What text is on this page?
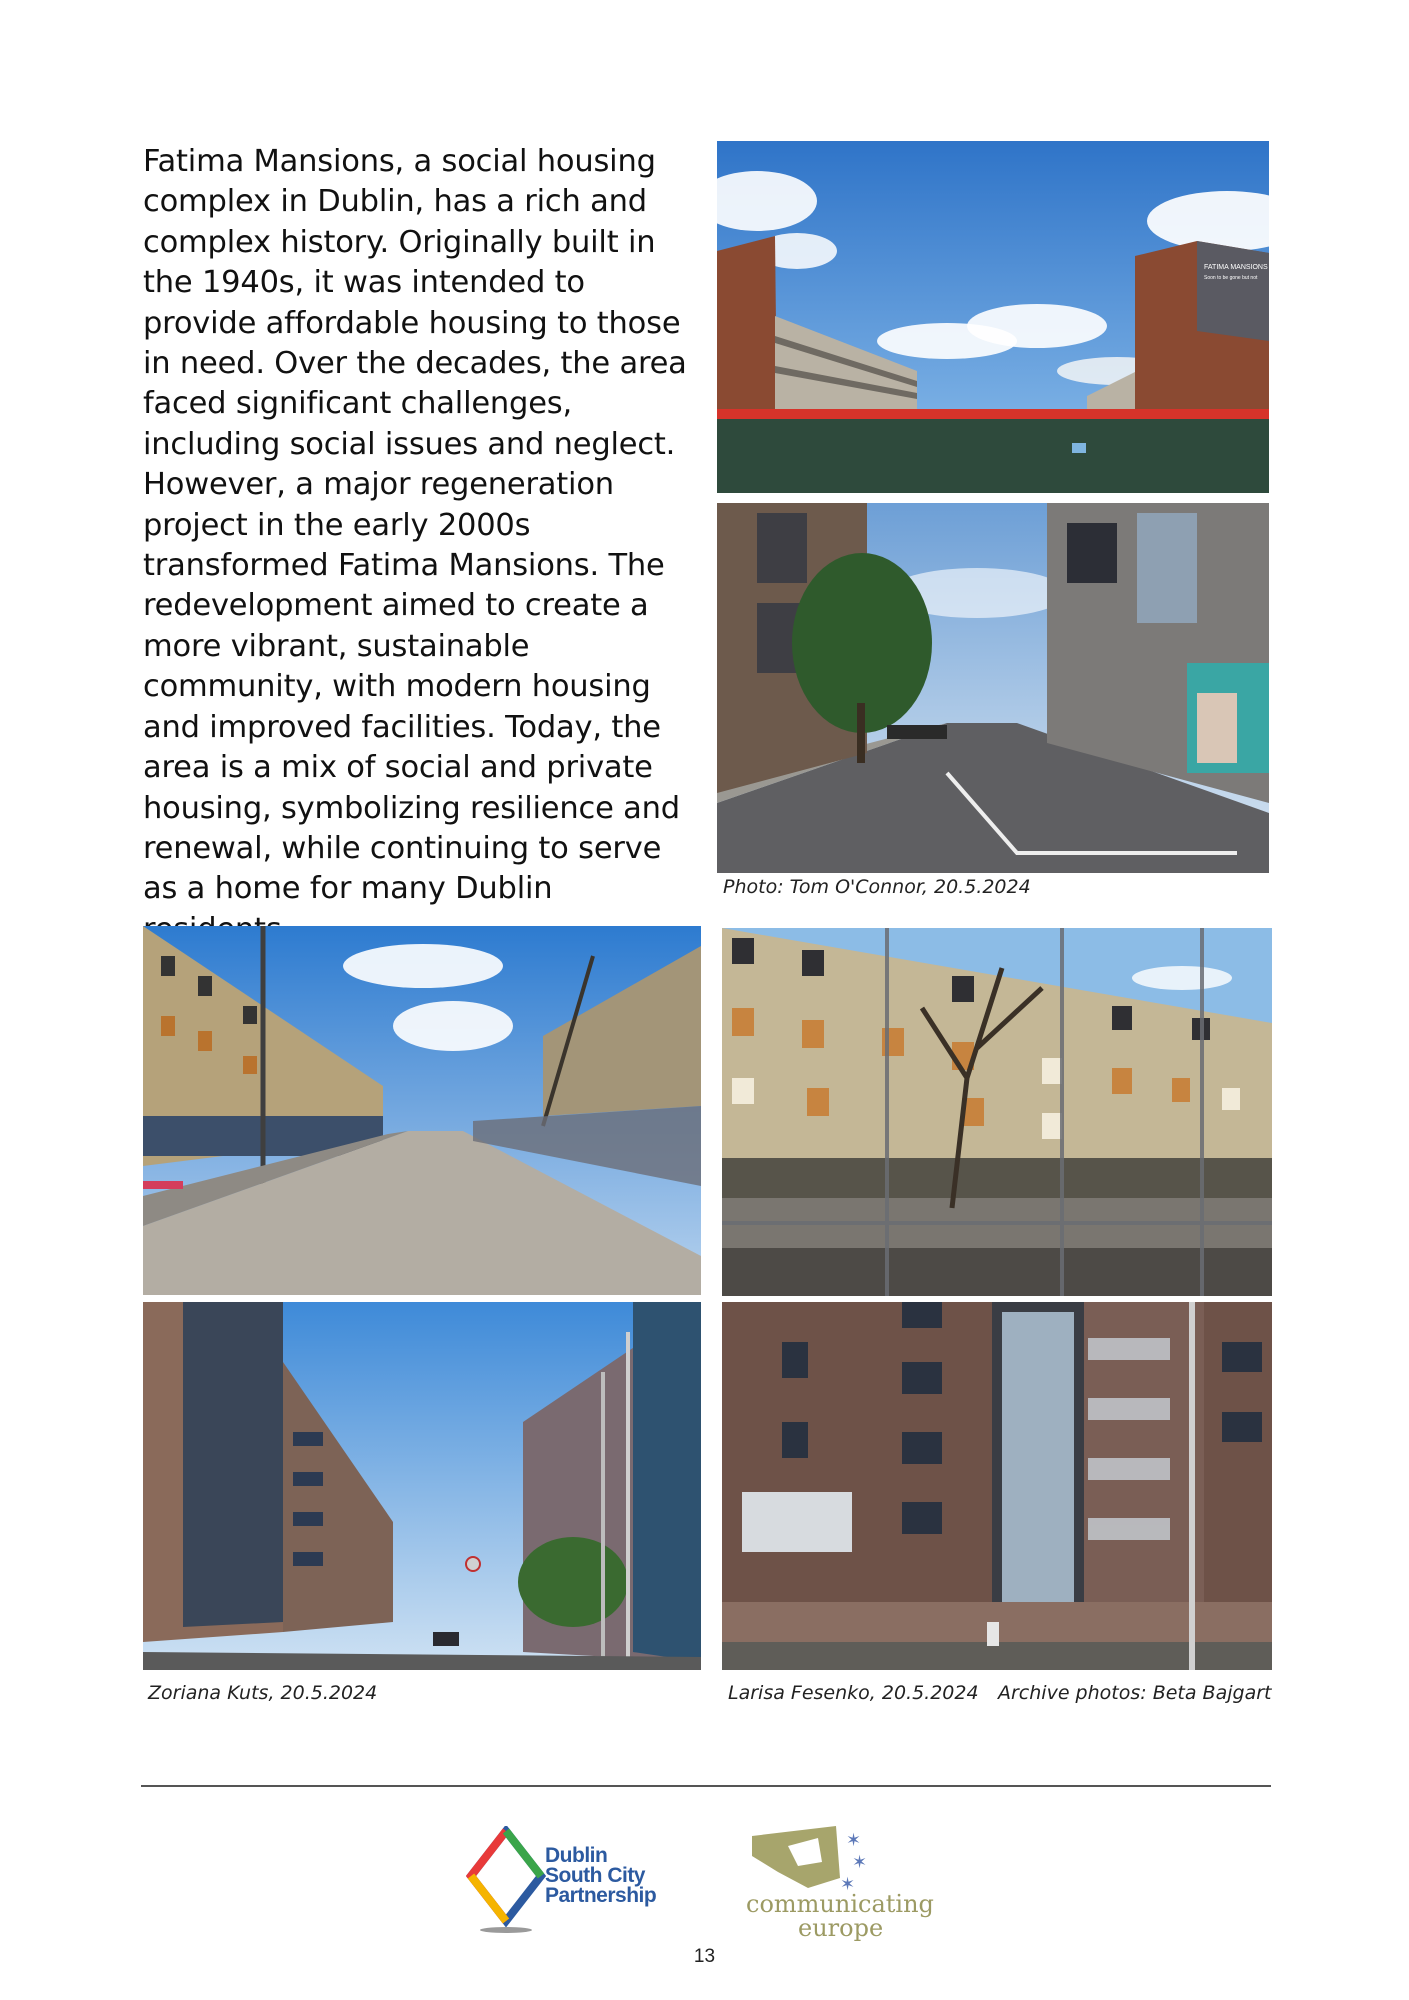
Fatima Mansions, a social housing complex in Dublin, has a rich and complex history. Originally built in the 1940s, it was intended to provide affordable housing to those in need. Over the decades, the area faced significant challenges, including social issues and neglect. However, a major regeneration project in the early 2000s transformed Fatima Mansions. The redevelopment aimed to create a more vibrant, sustainable community, with modern housing and improved facilities. Today, the area is a mix of social and private housing, symbolizing resilience and renewal, while continuing to serve as a home for many Dublin
FATIMA MANSIONS
Soon to be gone but not
Photo: Tom O'Connor, 20.5.2024
Zoriana Kuts, 20.5.2024	Larisa Fesenko, 20.5.2024 Archive photos: Beta Bajgart
Dublin
South City
Partnership
✶
✶
✶
communicating
europe
13
